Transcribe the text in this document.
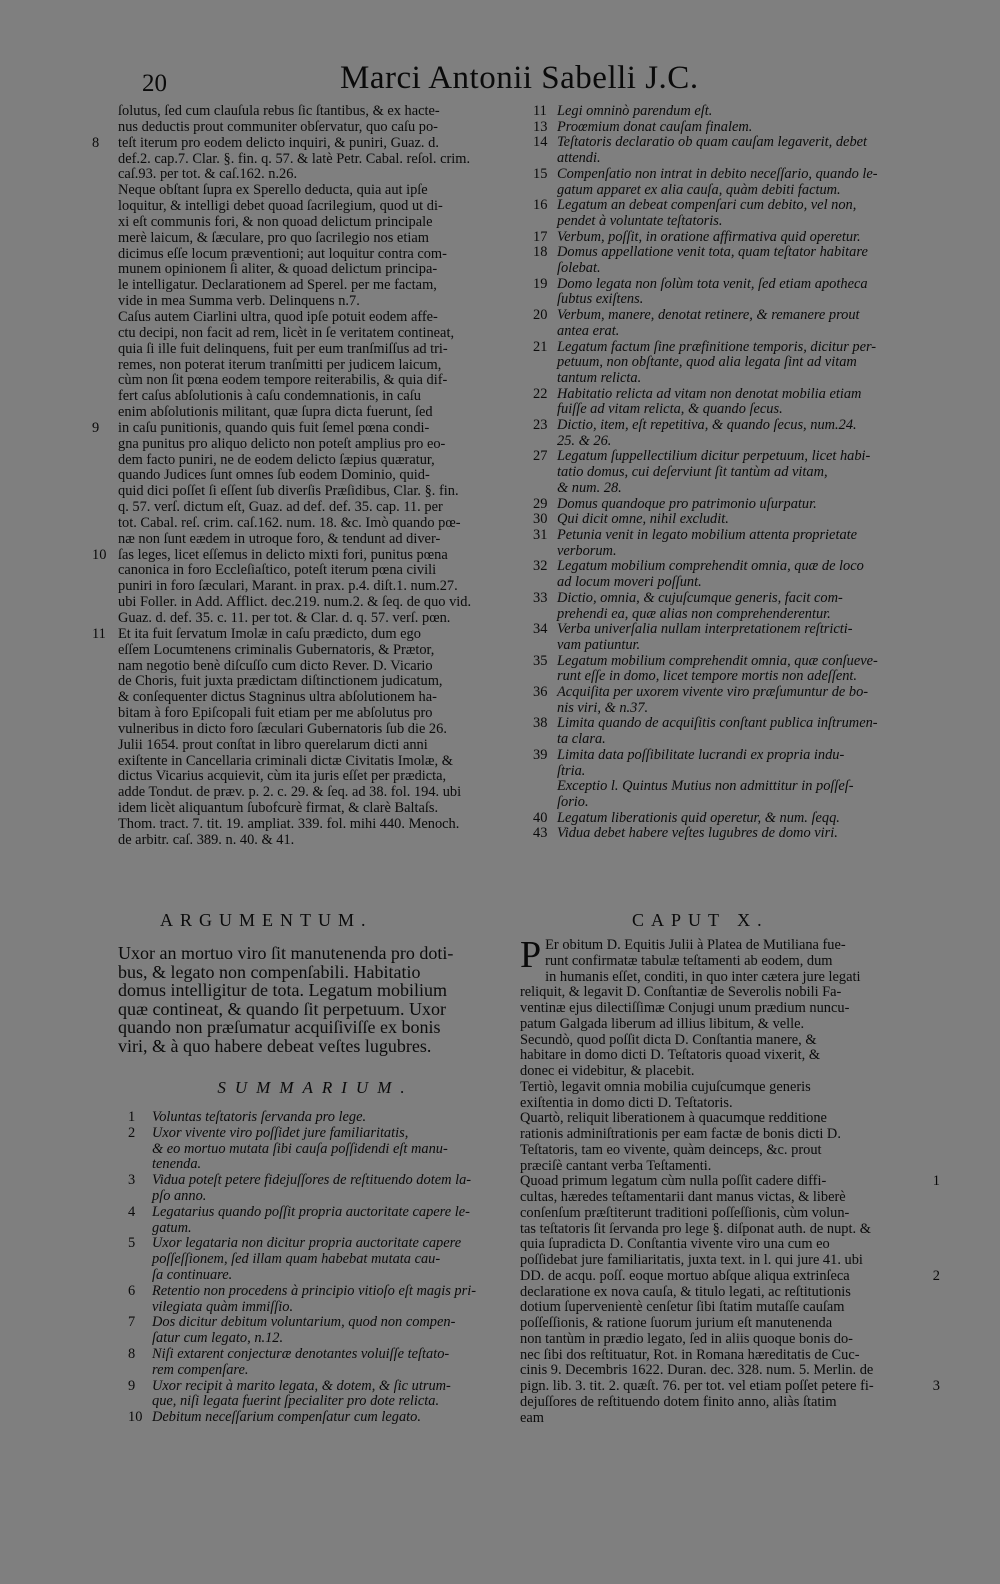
20	Marci Antonii Sabelli J.C.
ſolutus, ſed cum clauſula rebus ſic ſtantibus, & ex hacte-
nus deductis prout communiter obſervatur, quo caſu po-
8 teſt iterum pro eodem delicto inquiri, & puniri, Guaz. d.
def.2. cap.7. Clar. §. fin. q. 57. & latè Petr. Cabal. reſol. crim.
caſ.93. per tot. & caſ.162. n.26.
Neque obſtant ſupra ex Sperello deducta, quia aut ipſe
loquitur, & intelligi debet quoad ſacrilegium, quod ut di-
xi eſt communis fori, & non quoad delictum principale
merè laicum, & ſæculare, pro quo ſacrilegio nos etiam
dicimus eſſe locum præventioni; aut loquitur contra com-
munem opinionem ſi aliter, & quoad delictum principa-
le intelligatur. Declarationem ad Sperel. per me factam,
vide in mea Summa verb. Delinquens n.7.
Caſus autem Ciarlini ultra, quod ipſe potuit eodem affe-
ctu decipi, non facit ad rem, licèt in ſe veritatem contineat,
quia ſi ille fuit delinquens, fuit per eum tranſmiſſus ad tri-
remes, non poterat iterum tranſmitti per judicem laicum,
cùm non ſit pœna eodem tempore reiterabilis, & quia dif-
fert caſus abſolutionis à caſu condemnationis, in caſu
enim abſolutionis militant, quæ ſupra dicta fuerunt, ſed
9 in caſu punitionis, quando quis fuit ſemel pœna condi-
gna punitus pro aliquo delicto non poteſt amplius pro eo-
dem facto puniri, ne de eodem delicto ſæpius quæratur,
quando Judices ſunt omnes ſub eodem Dominio, quid-
quid dici poſſet ſi eſſent ſub diverſis Præſidibus, Clar. §. fin.
q. 57. verſ. dictum eſt, Guaz. ad def. def. 35. cap. 11. per
tot. Cabal. reſ. crim. caſ.162. num. 18. &c. Imò quando pœ-
næ non ſunt eædem in utroque foro, & tendunt ad diver-
10 ſas leges, licet eſſemus in delicto mixti fori, punitus pœna
canonica in foro Eccleſiaſtico, poteſt iterum pœna civili
puniri in foro ſæculari, Marant. in prax. p.4. diſt.1. num.27.
ubi Foller. in Add. Afflict. dec.219. num.2. & ſeq. de quo vid.
Guaz. d. def. 35. c. 11. per tot. & Clar. d. q. 57. verſ. pœn.
11 Et ita fuit ſervatum Imolæ in caſu prædicto, dum ego
eſſem Locumtenens criminalis Gubernatoris, & Prætor,
nam negotio benè diſcuſſo cum dicto Rever. D. Vicario
de Choris, fuit juxta prædictam diſtinctionem judicatum,
& conſequenter dictus Stagninus ultra abſolutionem ha-
bitam à foro Epiſcopali fuit etiam per me abſolutus pro
vulneribus in dicto foro ſæculari Gubernatoris ſub die 26.
Julii 1654. prout conſtat in libro querelarum dicti anni
exiſtente in Cancellaria criminali dictæ Civitatis Imolæ, &
dictus Vicarius acquievit, cùm ita juris eſſet per prædicta,
adde Tondut. de præv. p. 2. c. 29. & ſeq. ad 38. fol. 194. ubi
idem licèt aliquantum ſubofcurè firmat, & clarè Baltaſs.
Thom. tract. 7. tit. 19. ampliat. 339. fol. mihi 440. Menoch.
de arbitr. caſ. 389. n. 40. & 41.
11 Legi omninò parendum eſt.
13 Proœmium donat cauſam finalem.
14 Teſtatoris declaratio ob quam cauſam legaverit, debet
attendi.
15 Compenſatio non intrat in debito neceſſario, quando le-
gatum apparet ex alia cauſa, quàm debiti factum.
16 Legatum an debeat compenſari cum debito, vel non,
pendet à voluntate teſtatoris.
17 Verbum, poſſit, in oratione affirmativa quid operetur.
18 Domus appellatione venit tota, quam teſtator habitare
ſolebat.
19 Domo legata non ſolùm tota venit, ſed etiam apotheca
ſubtus exiſtens.
20 Verbum, manere, denotat retinere, & remanere prout
antea erat.
21 Legatum factum ſine præfinitione temporis, dicitur per-
petuum, non obſtante, quod alia legata ſint ad vitam
tantum relicta.
22 Habitatio relicta ad vitam non denotat mobilia etiam
fuiſſe ad vitam relicta, & quando ſecus.
23 Dictio, item, eſt repetitiva, & quando ſecus, num.24.
25. & 26.
27 Legatum ſuppellectilium dicitur perpetuum, licet habi-
tatio domus, cui deſerviunt ſit tantùm ad vitam,
& num. 28.
29 Domus quandoque pro patrimonio uſurpatur.
30 Qui dicit omne, nihil excludit.
31 Petunia venit in legato mobilium attenta proprietate
verborum.
32 Legatum mobilium comprehendit omnia, quæ de loco
ad locum moveri poſſunt.
33 Dictio, omnia, & cujuſcumque generis, facit com-
prehendi ea, quæ alias non comprehenderentur.
34 Verba univerſalia nullam interpretationem reſtricti-
vam patiuntur.
35 Legatum mobilium comprehendit omnia, quæ conſueve-
runt eſſe in domo, licet tempore mortis non adeſſent.
36 Acquiſita per uxorem vivente viro præſumuntur de bo-
nis viri, & n.37.
38 Limita quando de acquiſitis conſtant publica inſtrumen-
ta clara.
39 Limita data poſſibilitate lucrandi ex propria indu-
ſtria.
Exceptio l. Quintus Mutius non admittitur in poſſeſ-
ſorio.
40 Legatum liberationis quid operetur, & num. ſeqq.
43 Vidua debet habere veſtes lugubres de domo viri.
ARGUMENTUM.	CAPUT X.
Uxor an mortuo viro ſit manutenenda pro doti-
bus, & legato non compenſabili. Habitatio
domus intelligitur de tota. Legatum mobilium
quæ contineat, & quando ſit perpetuum. Uxor
quando non præſumatur acquiſiviſſe ex bonis
viri, & à quo habere debeat veſtes lugubres.
SUMMARIUM.
1	Voluntas teſtatoris ſervanda pro lege.
2	Uxor vivente viro poſſidet jure familiaritatis,
& eo mortuo mutata ſibi cauſa poſſidendi eſt manu-
tenenda.
3	Vidua poteſt petere fidejuſſores de reſtituendo dotem la-
pſo anno.
4	Legatarius quando poſſit propria auctoritate capere le-
gatum.
5	Uxor legataria non dicitur propria auctoritate capere
poſſeſſionem, ſed illam quam habebat mutata cau-
ſa continuare.
6	Retentio non procedens à principio vitioſo eſt magis pri-
vilegiata quàm immiſſio.
7	Dos dicitur debitum voluntarium, quod non compen-
ſatur cum legato, n.12.
8	Niſi extarent conjecturæ denotantes voluiſſe teſtato-
rem compenſare.
9	Uxor recipit à marito legata, & dotem, & ſic utrum-
que, niſi legata fuerint ſpecialiter pro dote relicta.
10 Debitum neceſſarium compenſatur cum legato.
P Er obitum D. Equitis Julii à Platea de Mutiliana fue-
runt confirmatæ tabulæ teſtamenti ab eodem, dum
in humanis eſſet, conditi, in quo inter cætera jure legati
reliquit, & legavit D. Conſtantiæ de Severolis nobili Fa-
ventinæ ejus dilectiſſimæ Conjugi unum prædium nuncu-
patum Galgada liberum ad illius libitum, & velle.
Secundò, quod poſſit dicta D. Conſtantia manere, &
habitare in domo dicti D. Teſtatoris quoad vixerit, &
donec ei videbitur, & placebit.
Tertiò, legavit omnia mobilia cujuſcumque generis
exiſtentia in domo dicti D. Teſtatoris.
Quartò, reliquit liberationem à quacumque redditione
rationis adminiſtrationis per eam factæ de bonis dicti D.
Teſtatoris, tam eo vivente, quàm deinceps, &c. prout
præciſè cantant verba Teſtamenti.
1
Quoad primum legatum cùm nulla poſſit cadere diffi-
cultas, hæredes teſtamentarii dant manus victas, & liberè
conſenſum præſtiterunt traditioni poſſeſſionis, cùm volun-
tas teſtatoris ſit ſervanda pro lege §. diſponat auth. de nupt. &
quia ſupradicta D. Conſtantia vivente viro una cum eo
poſſidebat jure familiaritatis, juxta text. in l. qui jure 41. ubi
2
DD. de acqu. poſſ. eoque mortuo abſque aliqua extrinſeca
declaratione ex nova cauſa, & titulo legati, ac reſtitutionis
dotium ſupervenientè cenſetur ſibi ſtatim mutaſſe cauſam
poſſeſſionis, & ratione ſuorum jurium eſt manutenenda
non tantùm in prædio legato, ſed in aliis quoque bonis do-
nec ſibi dos reſtituatur, Rot. in Romana hæreditatis de Cuc-
cinis 9. Decembris 1622. Duran. dec. 328. num. 5. Merlin. de
3
pign. lib. 3. tit. 2. quæſt. 76. per tot. vel etiam poſſet petere fi-
dejuſſores de reſtituendo dotem finito anno, aliàs ſtatim
eam
